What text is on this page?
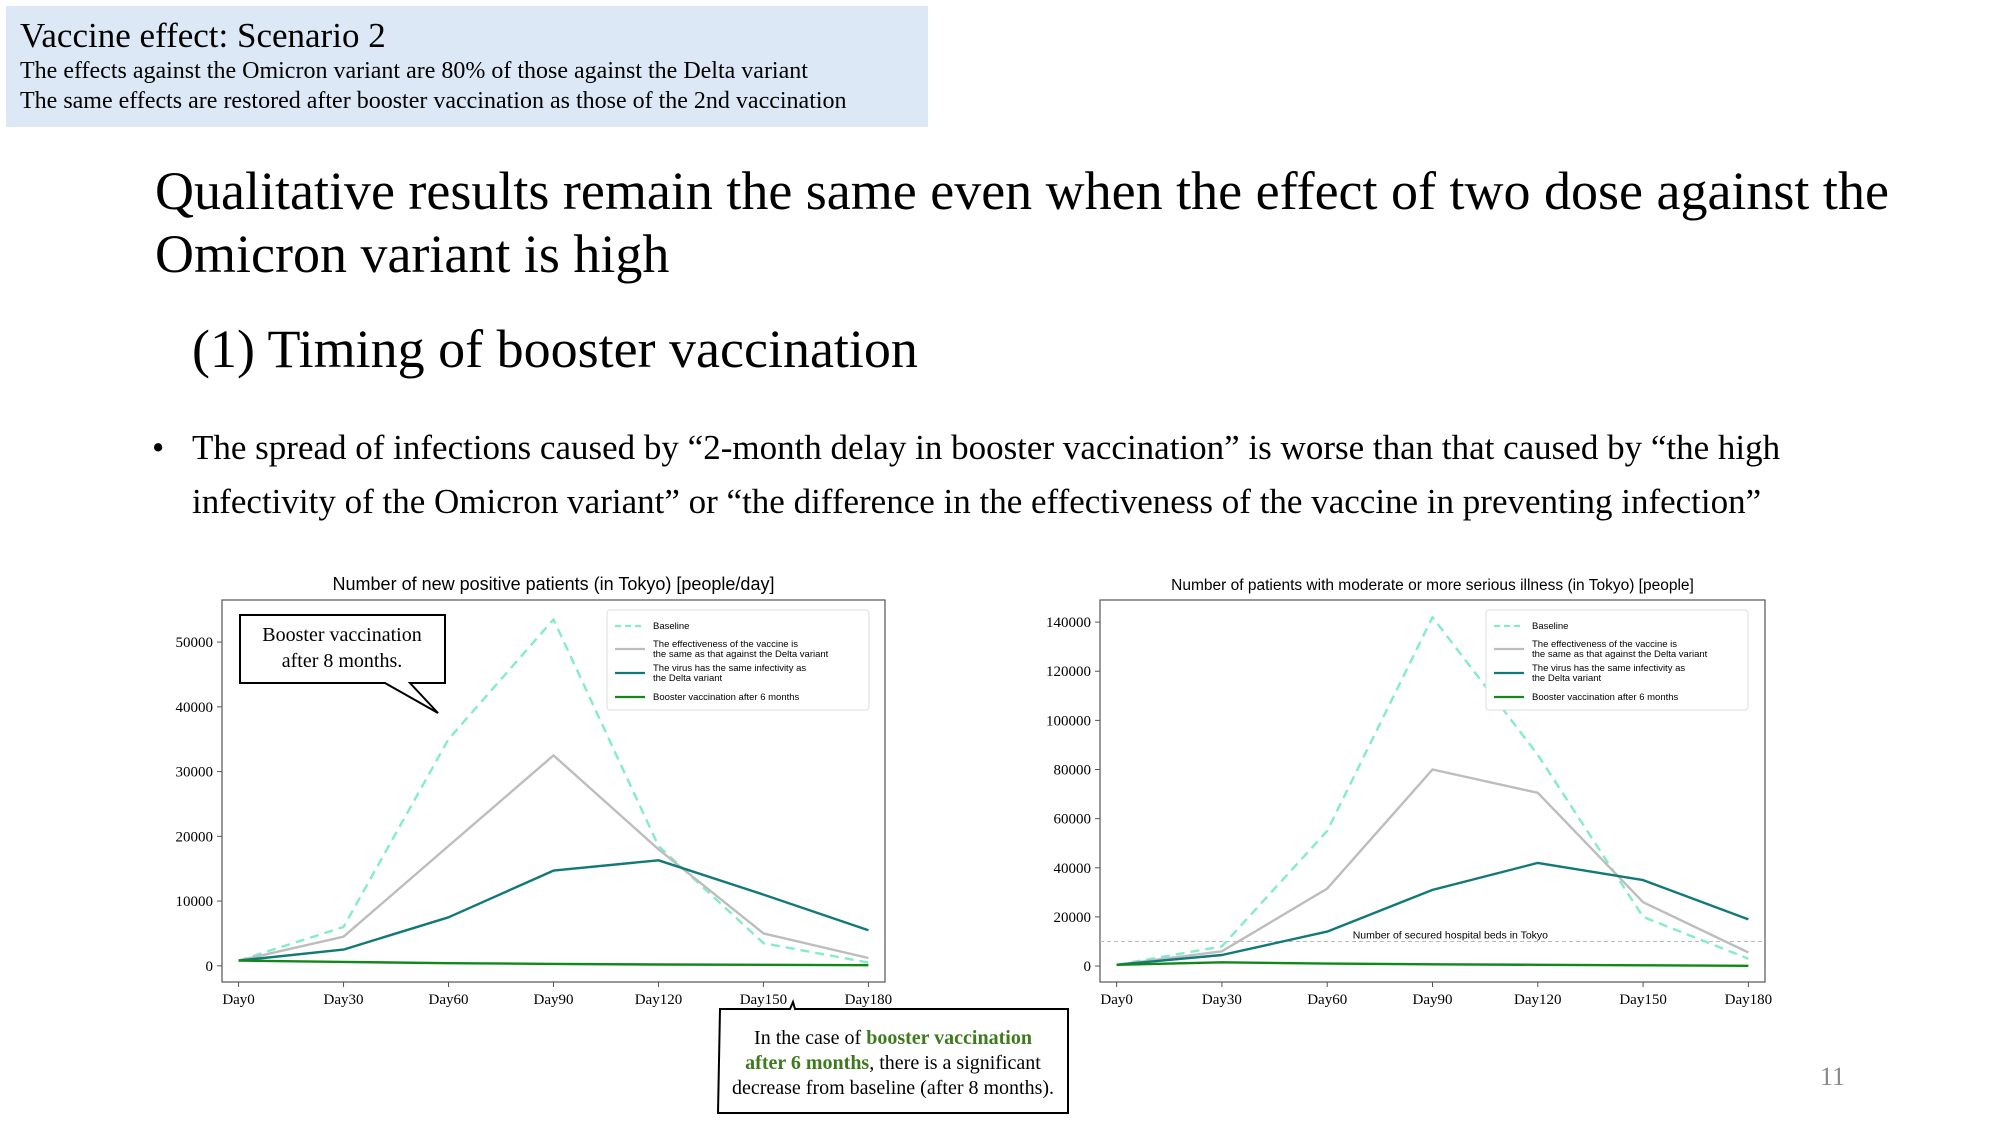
Vaccine effect: Scenario 2
The effects against the Omicron variant are 80% of those against the Delta variant
The same effects are restored after booster vaccination as those of the 2nd vaccination
Qualitative results remain the same even when the effect of two dose against the Omicron variant is high
(1) Timing of booster vaccination
• The spread of infections caused by “2-month delay in booster vaccination” is worse than that caused by “the high infectivity of the Omicron variant” or “the difference in the effectiveness of the vaccine in preventing infection”
Number of new positive patients (in Tokyo) [people/day]
0
10000
20000
30000
40000
50000
Day0	Day30	Day60	Day90	Day120	Day150	Day180
Baseline
The effectiveness of the vaccine is the same as that against the Delta variant
The virus has the same infectivity as the Delta variant
Booster vaccination after 6 months
Booster vaccination
after 8 months.
Number of patients with moderate or more serious illness (in Tokyo) [people]
Number of secured hospital beds in Tokyo
0
20000
40000
60000
80000
100000
120000
140000
Day0	Day30	Day60	Day90	Day120	Day150	Day180
Baseline
The effectiveness of the vaccine is the same as that against the Delta variant
The virus has the same infectivity as the Delta variant
Booster vaccination after 6 months
In the case of booster vaccination
after 6 months, there is a significant
decrease from baseline (after 8 months).	11
